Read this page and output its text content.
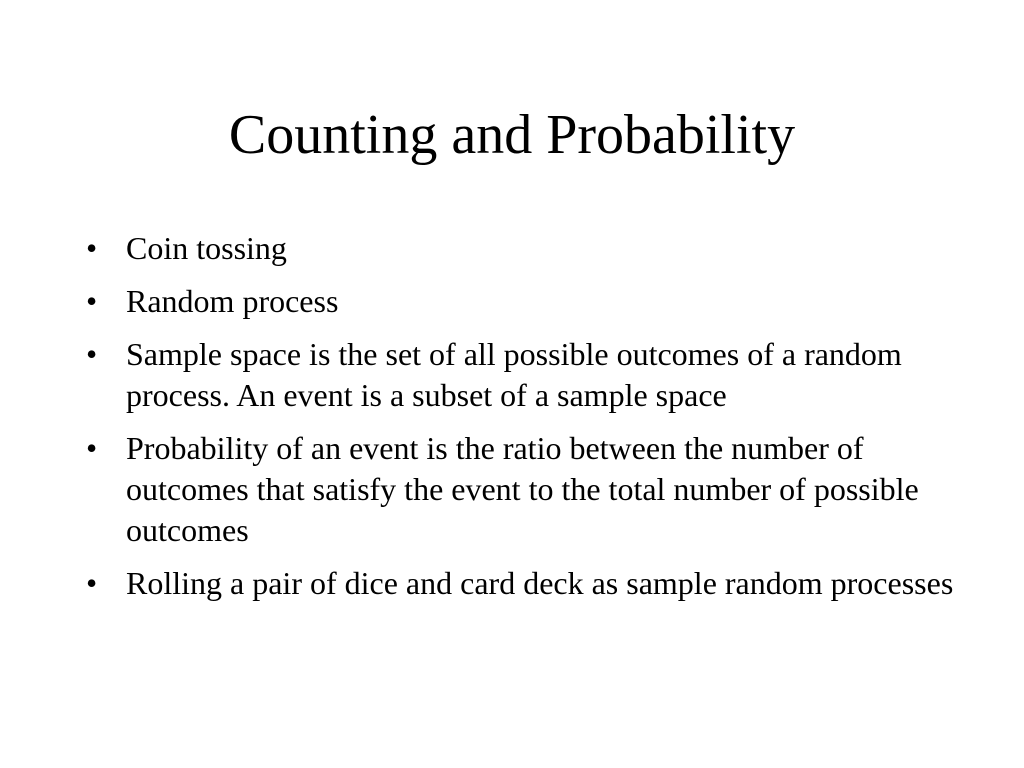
Counting and Probability
• Coin tossing
• Random process
• Sample space is the set of all possible outcomes of a random process. An event is a subset of a sample space
• Probability of an event is the ratio between the number of outcomes that satisfy the event to the total number of possible outcomes
• Rolling a pair of dice and card deck as sample random processes
